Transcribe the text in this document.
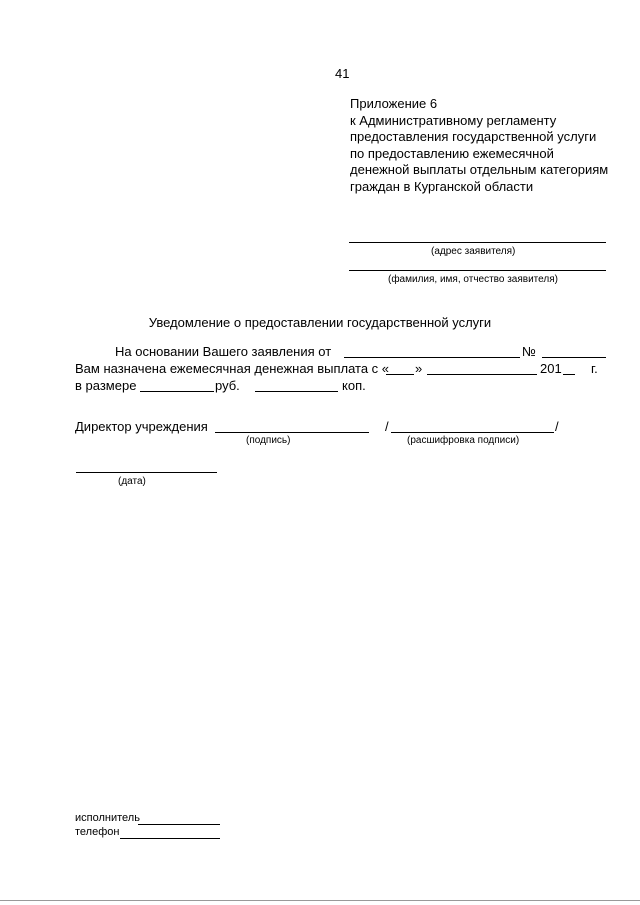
41
Приложение 6
к Административному регламенту
предоставления государственной услуги
по предоставлению ежемесячной
денежной выплаты отдельным категориям
граждан в Курганской области
(адрес заявителя)
(фамилия, имя, отчество заявителя)
Уведомление о предоставлении государственной услуги
На основании Вашего заявления от	№
Вам назначена ежемесячная денежная выплата с « »	201 г.
в размере	руб.	коп.
Директор учреждения
(подпись)
/	/
(расшифровка подписи)
(дата)
исполнитель
телефон
